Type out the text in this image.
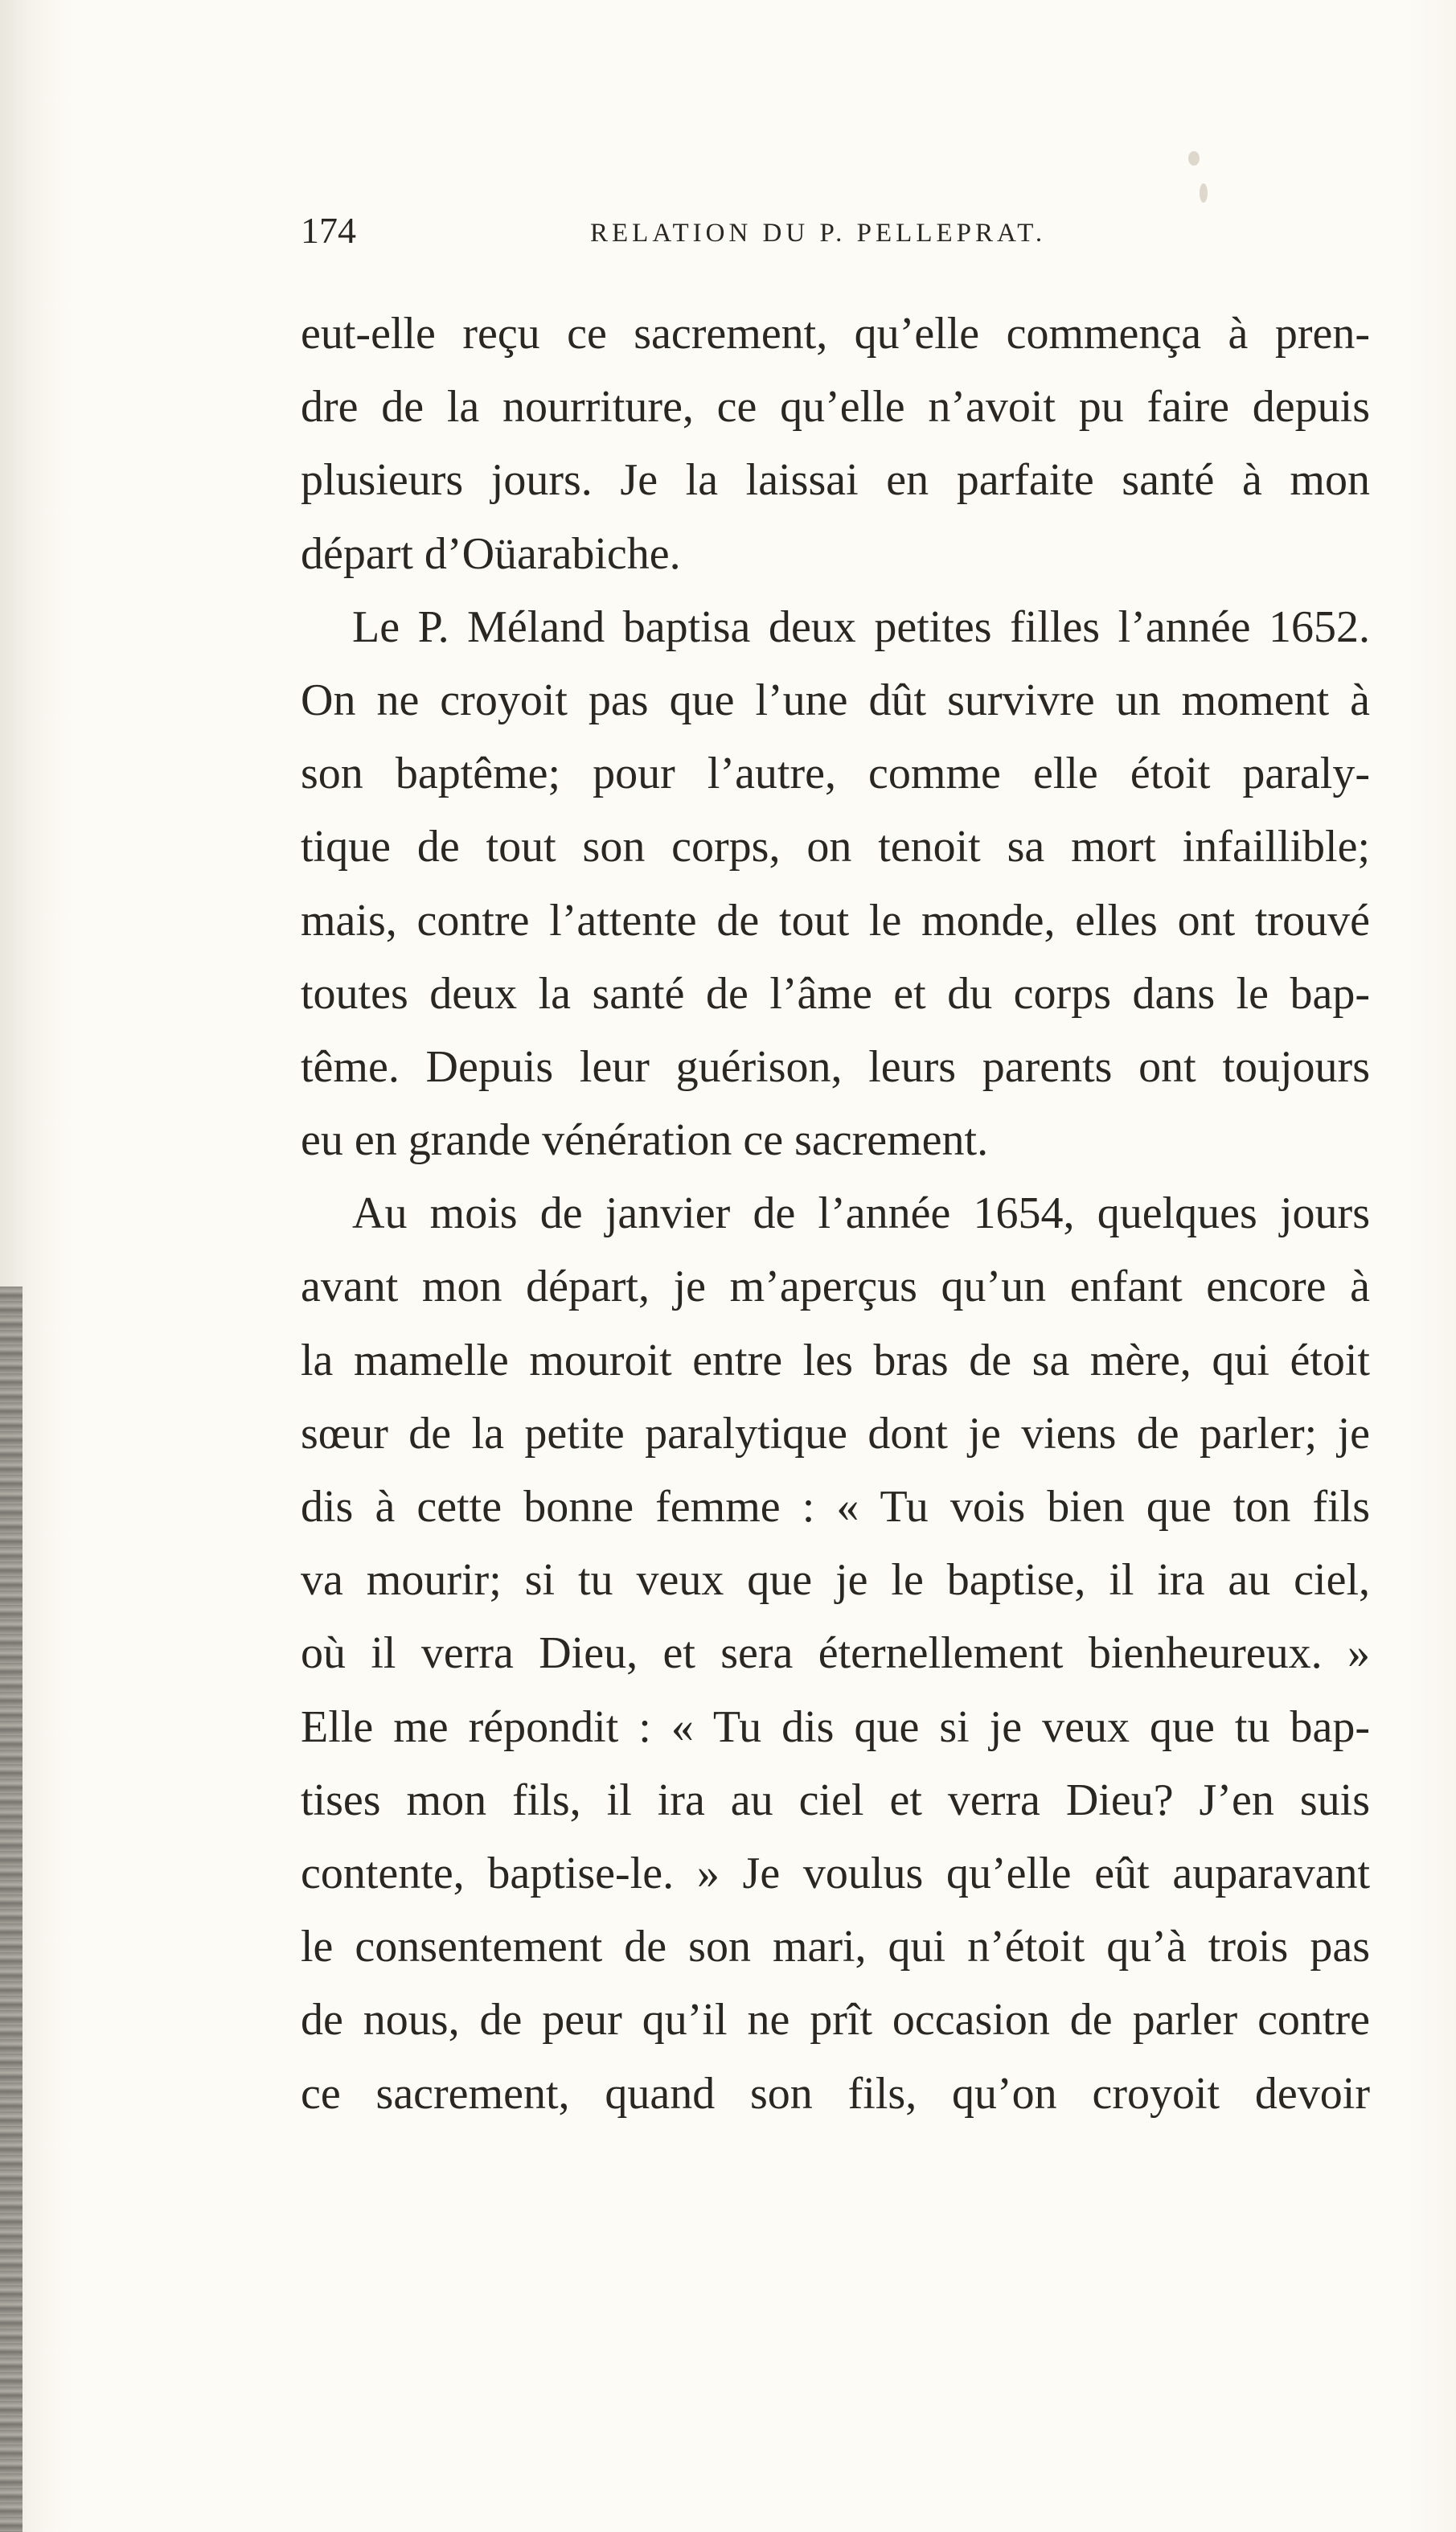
174	RELATION DU P. PELLEPRAT.
eut-elle reçu ce sacrement, qu’elle commença à pren-
dre de la nourriture, ce qu’elle n’avoit pu faire depuis
plusieurs jours. Je la laissai en parfaite santé à mon
départ d’Oüarabiche.
Le P. Méland baptisa deux petites filles l’année 1652.
On ne croyoit pas que l’une dût survivre un moment à
son baptême; pour l’autre, comme elle étoit paraly-
tique de tout son corps, on tenoit sa mort infaillible;
mais, contre l’attente de tout le monde, elles ont trouvé
toutes deux la santé de l’âme et du corps dans le bap-
tême. Depuis leur guérison, leurs parents ont toujours
eu en grande vénération ce sacrement.
Au mois de janvier de l’année 1654, quelques jours
avant mon départ, je m’aperçus qu’un enfant encore à
la mamelle mouroit entre les bras de sa mère, qui étoit
sœur de la petite paralytique dont je viens de parler; je
dis à cette bonne femme : « Tu vois bien que ton fils
va mourir; si tu veux que je le baptise, il ira au ciel,
où il verra Dieu, et sera éternellement bienheureux. »
Elle me répondit : « Tu dis que si je veux que tu bap-
tises mon fils, il ira au ciel et verra Dieu? J’en suis
contente, baptise-le. » Je voulus qu’elle eût auparavant
le consentement de son mari, qui n’étoit qu’à trois pas
de nous, de peur qu’il ne prît occasion de parler contre
ce sacrement, quand son fils, qu’on croyoit devoir
